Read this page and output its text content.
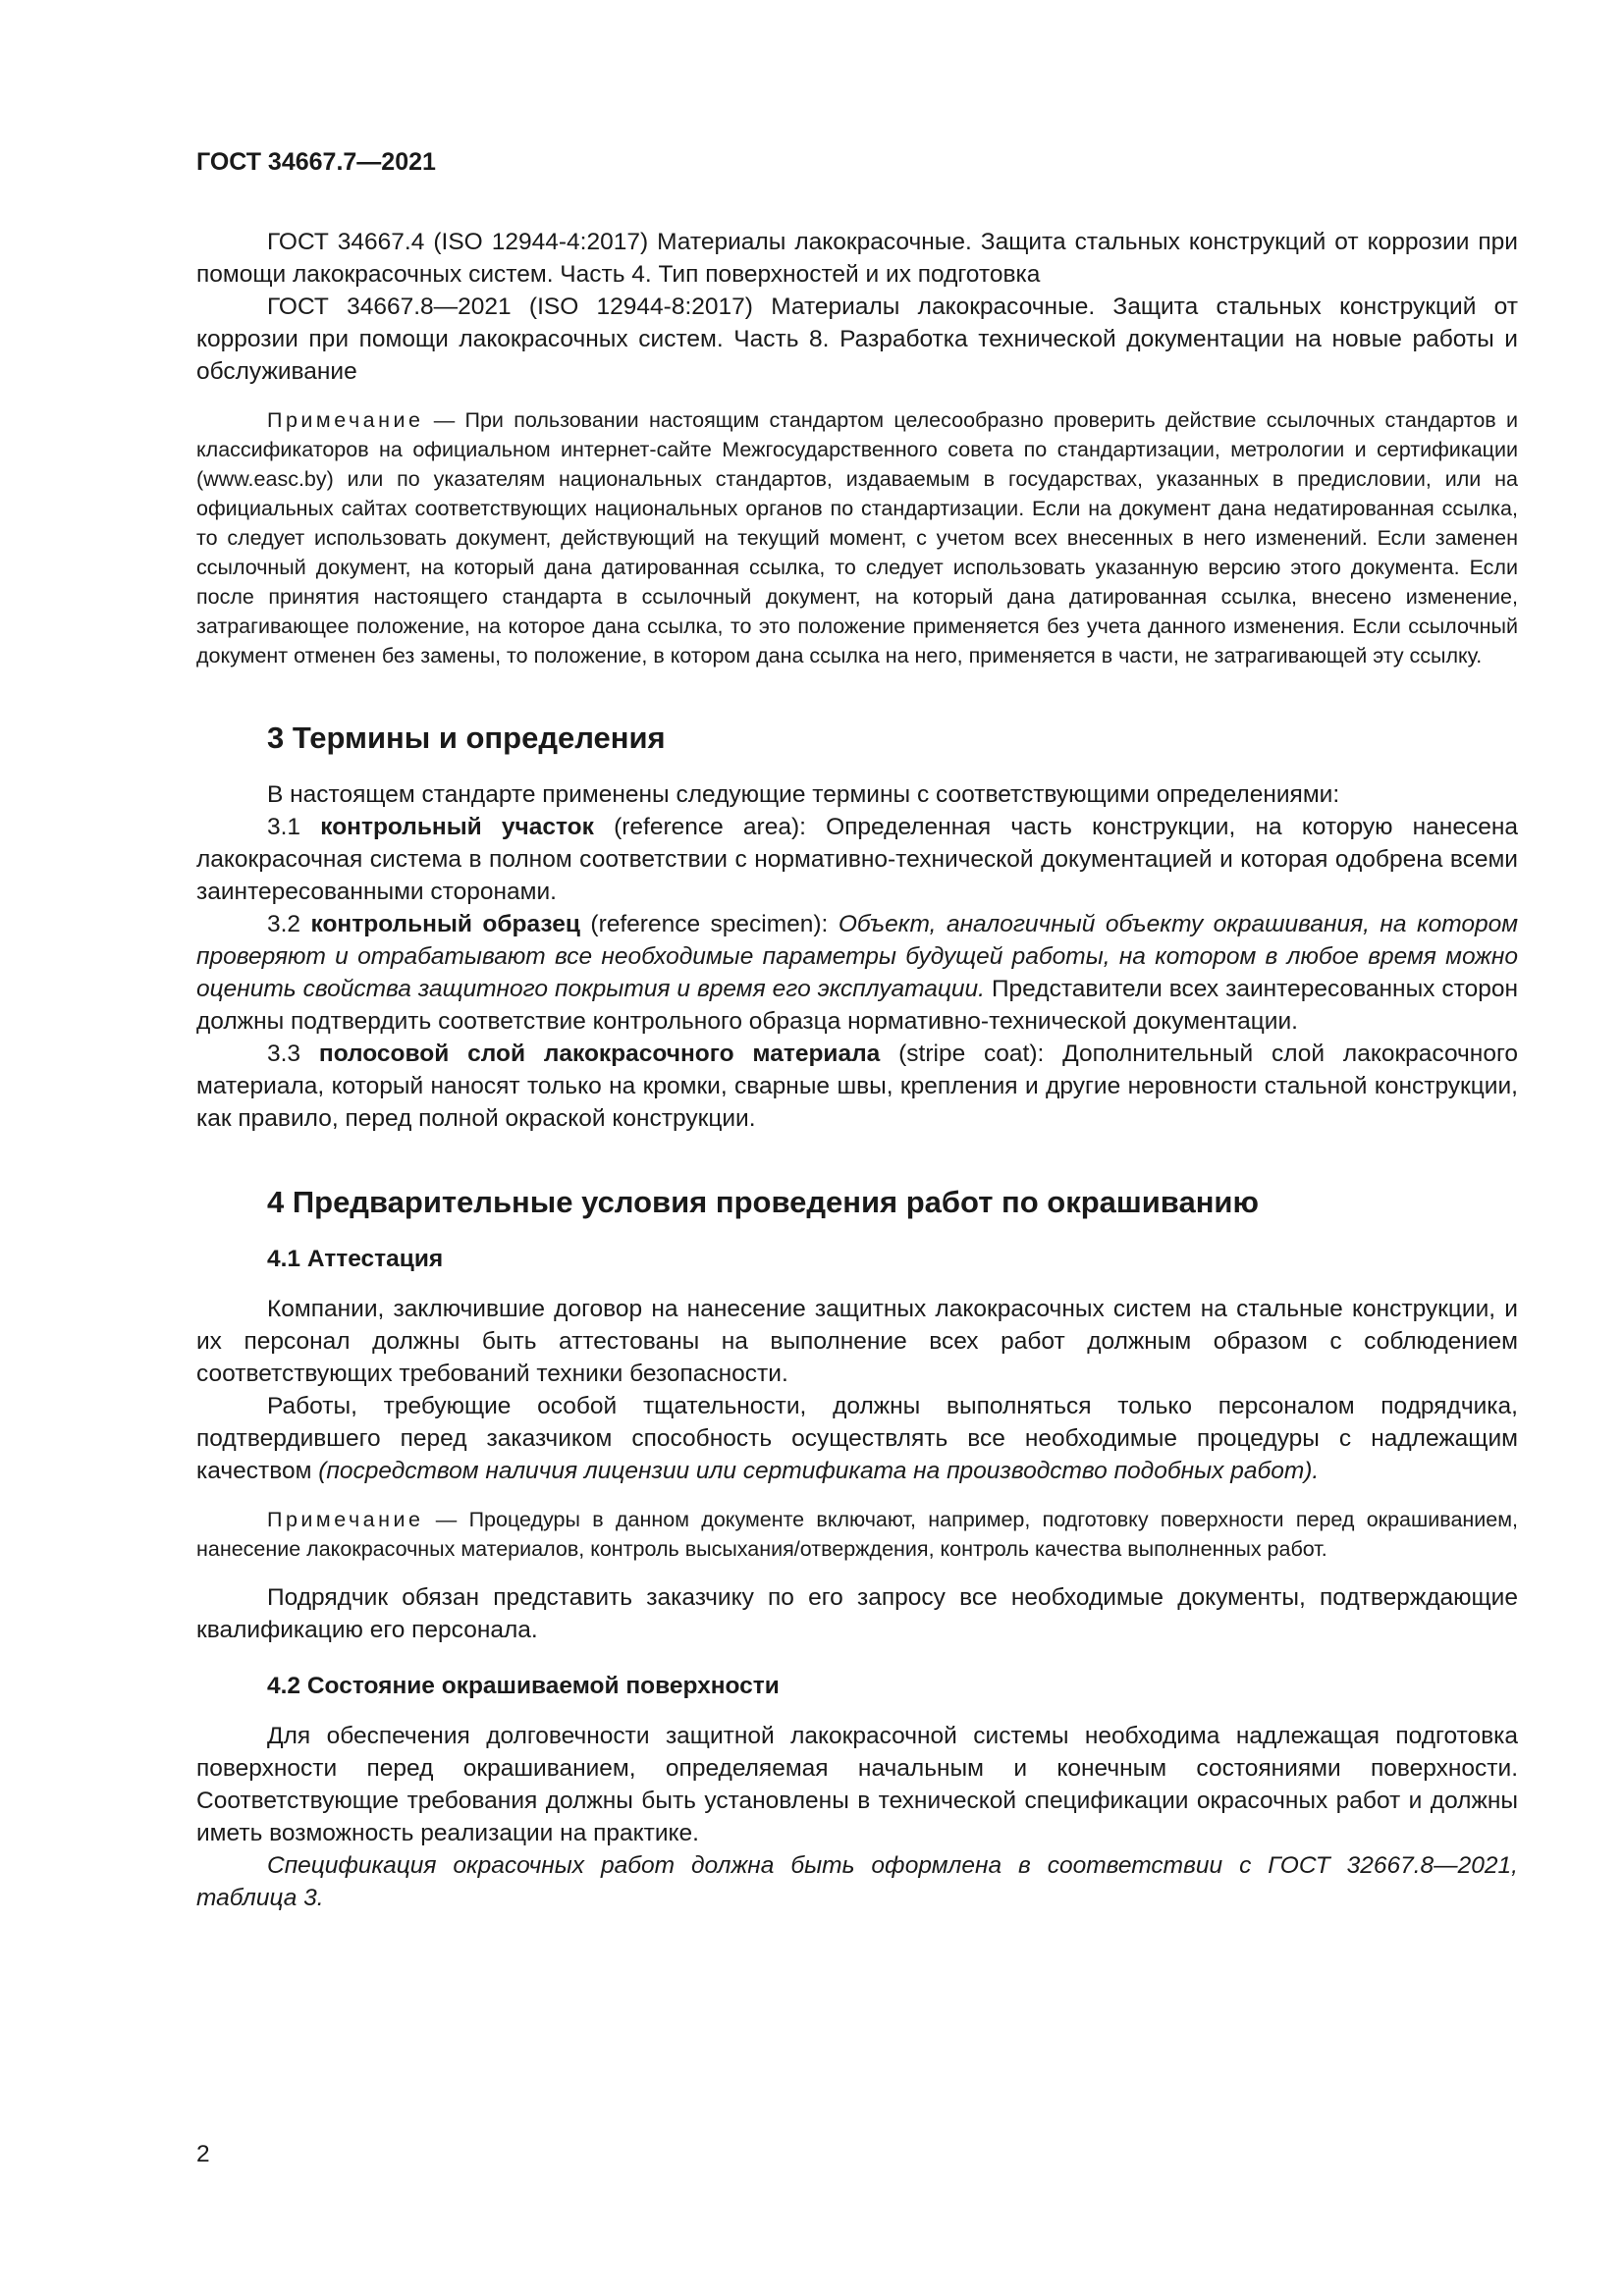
ГОСТ 34667.7—2021

ГОСТ 34667.4 (ISO 12944-4:2017) Материалы лакокрасочные. Защита стальных конструкций от коррозии при помощи лакокрасочных систем. Часть 4. Тип поверхностей и их подготовка

ГОСТ 34667.8—2021 (ISO 12944-8:2017) Материалы лакокрасочные. Защита стальных конструкций от коррозии при помощи лакокрасочных систем. Часть 8. Разработка технической документации на новые работы и обслуживание

Примечание — При пользовании настоящим стандартом целесообразно проверить действие ссылочных стандартов и классификаторов на официальном интернет-сайте Межгосударственного совета по стандартизации, метрологии и сертификации (www.easc.by) или по указателям национальных стандартов, издаваемым в государствах, указанных в предисловии, или на официальных сайтах соответствующих национальных органов по стандартизации. Если на документ дана недатированная ссылка, то следует использовать документ, действующий на текущий момент, с учетом всех внесенных в него изменений. Если заменен ссылочный документ, на который дана датированная ссылка, то следует использовать указанную версию этого документа. Если после принятия настоящего стандарта в ссылочный документ, на который дана датированная ссылка, внесено изменение, затрагивающее положение, на которое дана ссылка, то это положение применяется без учета данного изменения. Если ссылочный документ отменен без замены, то положение, в котором дана ссылка на него, применяется в части, не затрагивающей эту ссылку.
3 Термины и определения

В настоящем стандарте применены следующие термины с соответствующими определениями:

3.1 контрольный участок (reference area): Определенная часть конструкции, на которую нанесена лакокрасочная система в полном соответствии с нормативно-технической документацией и которая одобрена всеми заинтересованными сторонами.

3.2 контрольный образец (reference specimen): Объект, аналогичный объекту окрашивания, на котором проверяют и отрабатывают все необходимые параметры будущей работы, на котором в любое время можно оценить свойства защитного покрытия и время его эксплуатации. Представители всех заинтересованных сторон должны подтвердить соответствие контрольного образца нормативно-технической документации.

3.3 полосовой слой лакокрасочного материала (stripe coat): Дополнительный слой лакокрасочного материала, который наносят только на кромки, сварные швы, крепления и другие неровности стальной конструкции, как правило, перед полной окраской конструкции.

4 Предварительные условия проведения работ по окрашиванию
4.1 Аттестация

Компании, заключившие договор на нанесение защитных лакокрасочных систем на стальные конструкции, и их персонал должны быть аттестованы на выполнение всех работ должным образом с соблюдением соответствующих требований техники безопасности.

Работы, требующие особой тщательности, должны выполняться только персоналом подрядчика, подтвердившего перед заказчиком способность осуществлять все необходимые процедуры с надлежащим качеством (посредством наличия лицензии или сертификата на производство подобных работ).

Примечание — Процедуры в данном документе включают, например, подготовку поверхности перед окрашиванием, нанесение лакокрасочных материалов, контроль высыхания/отверждения, контроль качества выполненных работ.

Подрядчик обязан представить заказчику по его запросу все необходимые документы, подтверждающие квалификацию его персонала.

4.2 Состояние окрашиваемой поверхности

Для обеспечения долговечности защитной лакокрасочной системы необходима надлежащая подготовка поверхности перед окрашиванием, определяемая начальным и конечным состояниями поверхности. Соответствующие требования должны быть установлены в технической спецификации окрасочных работ и должны иметь возможность реализации на практике.

Спецификация окрасочных работ должна быть оформлена в соответствии с ГОСТ 32667.8—2021, таблица 3.

2
